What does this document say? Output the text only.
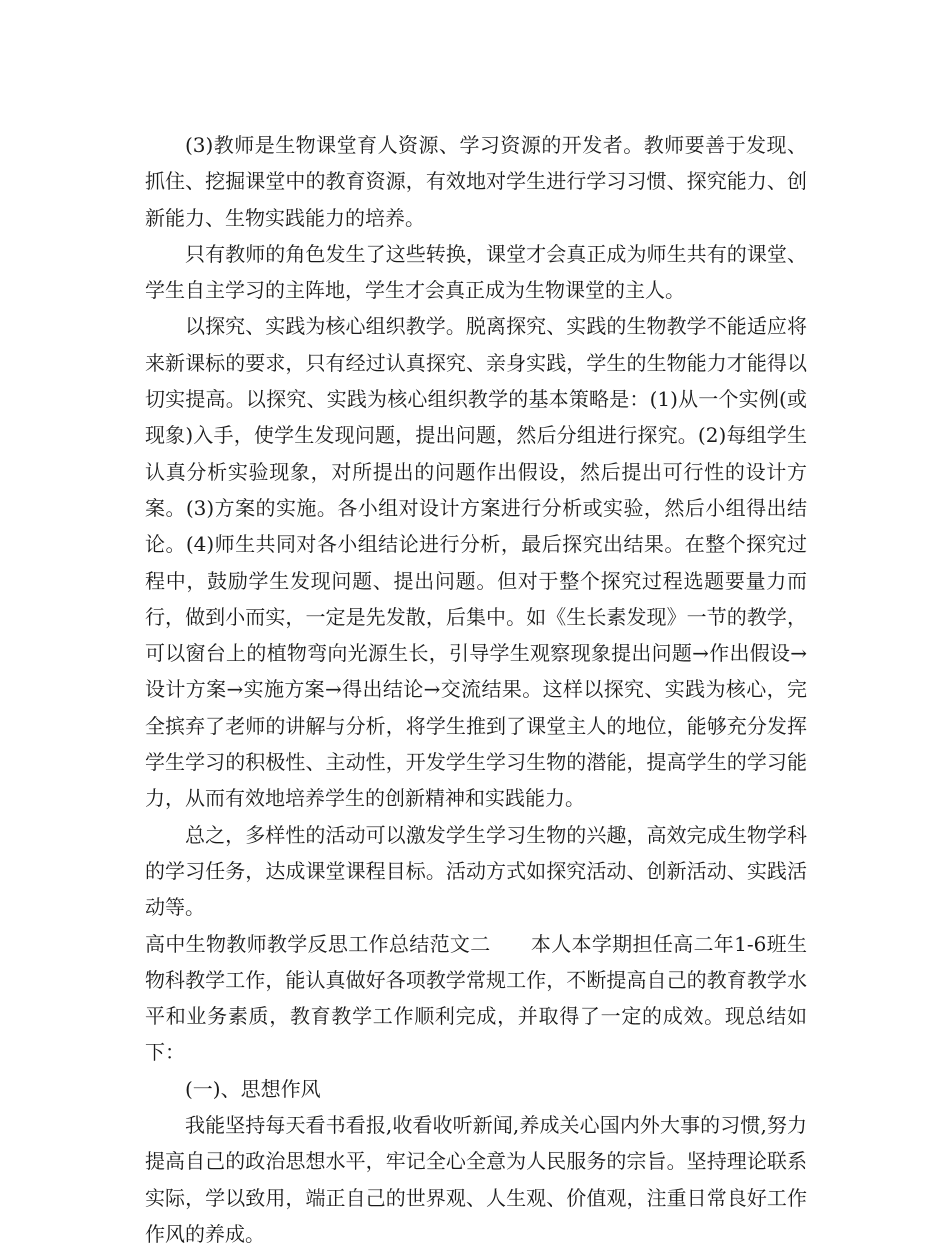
(3)教师是生物课堂育人资源、学习资源的开发者。教师要善于发现、抓住、挖掘课堂中的教育资源，有效地对学生进行学习习惯、探究能力、创新能力、生物实践能力的培养。

只有教师的角色发生了这些转换，课堂才会真正成为师生共有的课堂、学生自主学习的主阵地，学生才会真正成为生物课堂的主人。

以探究、实践为核心组织教学。脱离探究、实践的生物教学不能适应将来新课标的要求，只有经过认真探究、亲身实践，学生的生物能力才能得以切实提高。以探究、实践为核心组织教学的基本策略是：(1)从一个实例(或现象)入手，使学生发现问题，提出问题，然后分组进行探究。(2)每组学生认真分析实验现象，对所提出的问题作出假设，然后提出可行性的设计方案。(3)方案的实施。各小组对设计方案进行分析或实验，然后小组得出结论。(4)师生共同对各小组结论进行分析，最后探究出结果。在整个探究过程中，鼓励学生发现问题、提出问题。但对于整个探究过程选题要量力而行，做到小而实，一定是先发散，后集中。如《生长素发现》一节的教学，可以窗台上的植物弯向光源生长，引导学生观察现象提出问题→作出假设→设计方案→实施方案→得出结论→交流结果。这样以探究、实践为核心，完全摈弃了老师的讲解与分析，将学生推到了课堂主人的地位，能够充分发挥学生学习的积极性、主动性，开发学生学习生物的潜能，提高学生的学习能力，从而有效地培养学生的创新精神和实践能力。

总之，多样性的活动可以激发学生学习生物的兴趣，高效完成生物学科的学习任务，达成课堂课程目标。活动方式如探究活动、创新活动、实践活动等。

高中生物教师教学反思工作总结范文二 本人本学期担任高二年1-6班生物科教学工作，能认真做好各项教学常规工作，不断提高自己的教育教学水平和业务素质，教育教学工作顺利完成，并取得了一定的成效。现总结如下：

(一)、思想作风

我能坚持每天看书看报,收看收听新闻,养成关心国内外大事的习惯,努力提高自己的政治思想水平，牢记全心全意为人民服务的宗旨。坚持理论联系实际，学以致用，端正自己的世界观、人生观、价值观，注重日常良好工作作风的养成。
